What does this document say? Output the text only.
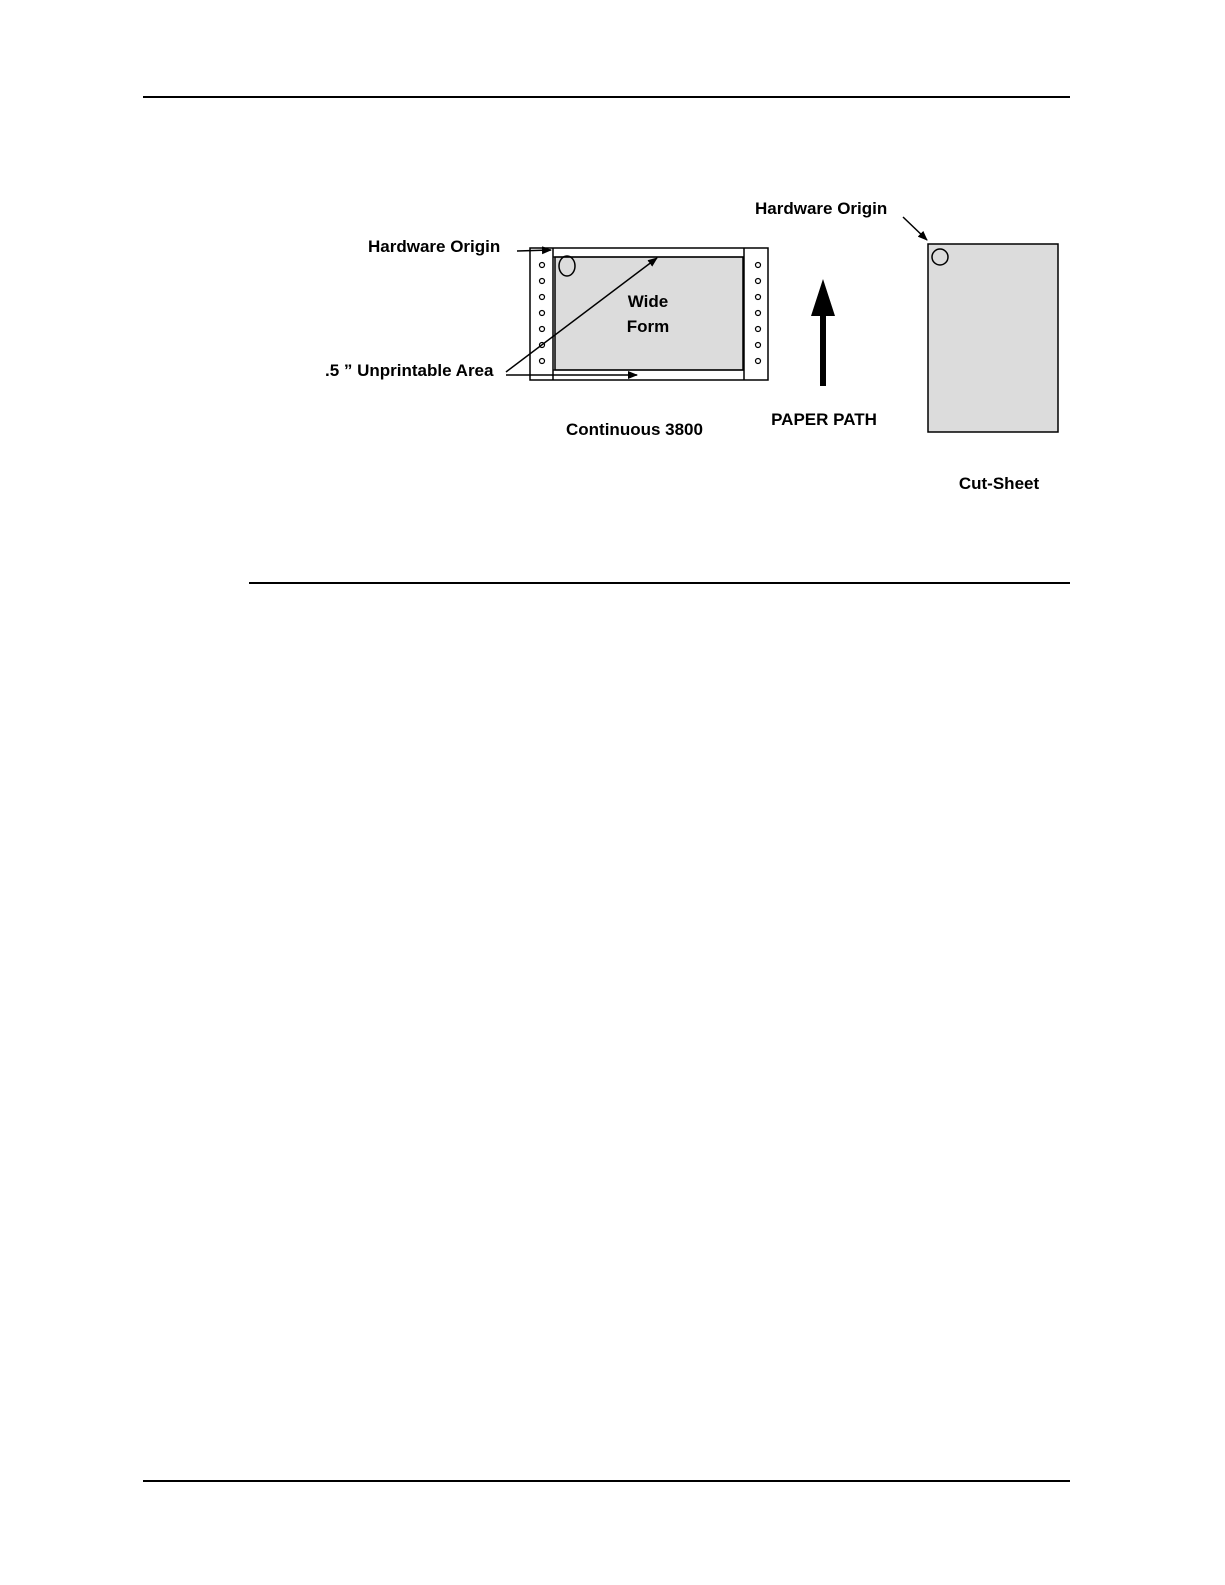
Wide
Form
Hardware Origin
.5 ” Unprintable Area
Continuous 3800
PAPER PATH
Hardware Origin
Cut-Sheet
